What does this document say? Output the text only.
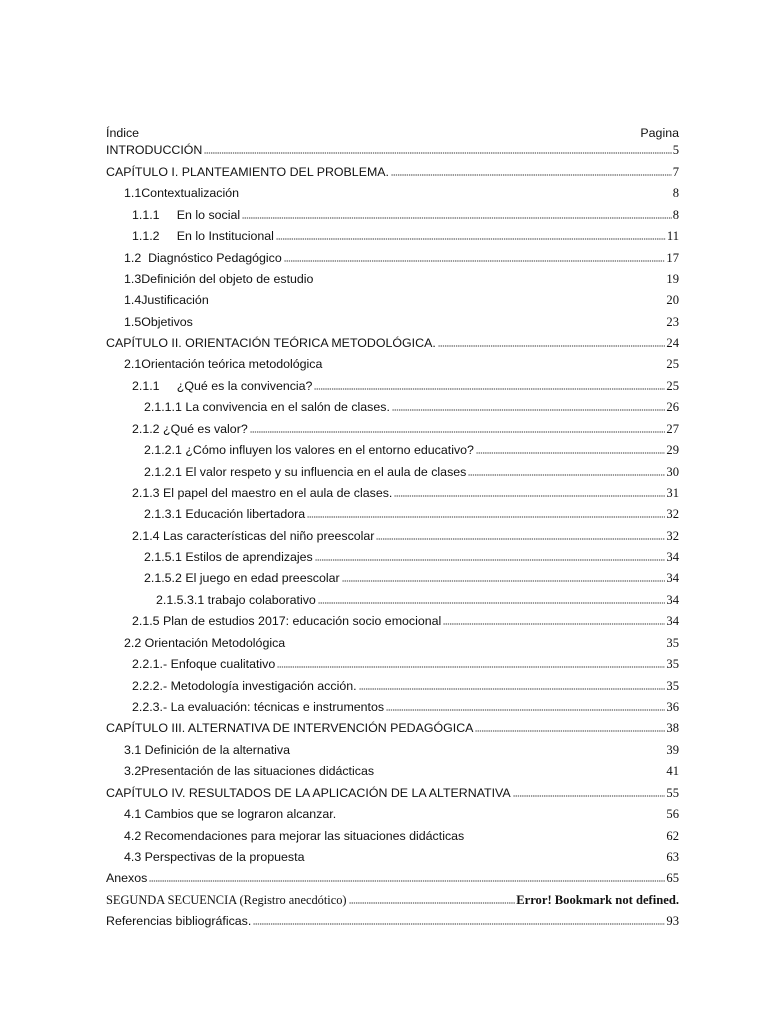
Índice	Pagina
INTRODUCCIÓN	5
CAPÍTULO I. PLANTEAMIENTO DEL PROBLEMA.	7
1.1Contextualización	8
1.1.1     En lo social	8
1.1.2     En lo Institucional	11
1.2  Diagnóstico Pedagógico	17
1.3Definición del objeto de estudio	19
1.4Justificación	20
1.5Objetivos	23
CAPÍTULO II. ORIENTACIÓN TEÓRICA METODOLÓGICA.	24
2.1Orientación teórica metodológica	25
2.1.1     ¿Qué es la convivencia?	25
2.1.1.1 La convivencia en el salón de clases.	26
2.1.2 ¿Qué es valor?	27
2.1.2.1 ¿Cómo influyen los valores en el entorno educativo?	29
2.1.2.1 El valor respeto y su influencia en el aula de clases	30
2.1.3 El papel del maestro en el aula de clases.	31
2.1.3.1 Educación libertadora	32
2.1.4 Las características del niño preescolar	32
2.1.5.1 Estilos de aprendizajes	34
2.1.5.2 El juego en edad preescolar	34
2.1.5.3.1 trabajo colaborativo	34
2.1.5 Plan de estudios 2017: educación socio emocional	34
2.2 Orientación Metodológica	35
2.2.1.- Enfoque cualitativo	35
2.2.2.- Metodología investigación acción.	35
2.2.3.- La evaluación: técnicas e instrumentos	36
CAPÍTULO III. ALTERNATIVA DE INTERVENCIÓN PEDAGÓGICA	38
3.1 Definición de la alternativa	39
3.2Presentación de las situaciones didácticas	41
CAPÍTULO IV. RESULTADOS DE LA APLICACIÓN DE LA ALTERNATIVA	55
4.1 Cambios que se lograron alcanzar.	56
4.2 Recomendaciones para mejorar las situaciones didácticas	62
4.3 Perspectivas de la propuesta	63
Anexos	65
SEGUNDA SECUENCIA (Registro anecdótico)	Error! Bookmark not defined.
Referencias bibliográficas.	93
